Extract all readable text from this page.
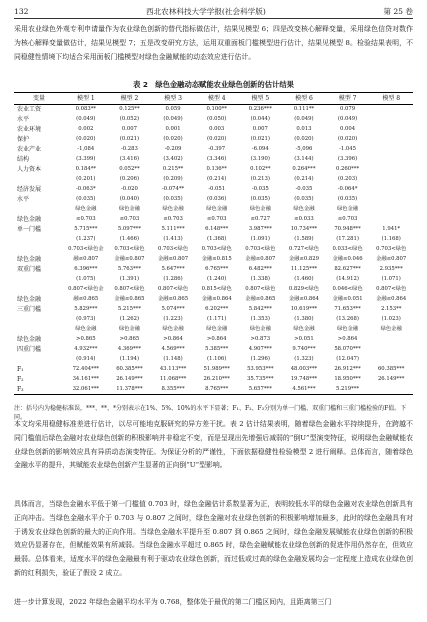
132	西北农林科技大学学报(社会科学版)	第 25 卷
采用农业绿色外观专利申请量作为农业绿色创新的替代指标做估计，结果见模型 6；四是改变核心解释变量，采用绿色信贷对数作为核心解释变量做估计，结果见模型 7；五是改变研究方法，运用双重面板门槛模型进行估计，结果见模型 8。检验结果表明，不同稳健性情境下均适合采用面板门槛模型对绿色金融赋能的动态效应进行估计。
表 2　绿色金融动态赋能农业绿色创新的估计结果
变量	模型 1	模型 2	模型 3	模型 4	模型 5	模型 6	模型 7	模型 8
农业工资	0.083**	0.125**	0.059	0.100**	0.236***	0.111**	0.079	
水平	(0.049)	(0.052)	(0.049)	(0.050)	(0.044)	(0.049)	(0.049)	
农业环境	0.002	0.007	0.001	0.003	0.007	0.013	0.004	
保护	(0.020)	(0.021)	(0.020)	(0.020)	(0.021)	(0.020)	(0.020)	
农业产业	-1,084	-0.283	-0.209	-0.397	-6.094	-5,096	-1.045	
结构	(3.399)	(3.416)	(3.402)	(3.346)	(3.190)	(3.144)	(3.396)	
人力资本	0.184**	0.052**	0.215**	0.136**	0.102**	0.264***	0.260***	
	(0.201)	(0.206)	(0.209)	(0.214)	(0.213)	(0.214)	(0.203)	
经济发展	-0.063*	-0.020	-0.074**	-0.051	-0.035	-0.035	-0.064*	
水平	(0.035)	(0.040)	(0.035)	(0.036)	(0.035)	(0.035)	(0.035)	
	绿色金融	绿色金融	绿色金融	绿色金融	绿色金融	绿色金融	绿色金融	
绿色金融	≤0.703	≤0.703	≤0.703	≤0.703	≤0.727	≤0.033	≤0.703	
单一门槛	5.715***	5.097***	5.111***	6.148***	3.987***	10.734***	70.948***	1.941*
	(1.237)	(1.466)	(1.413)	(1.368)	(1.091)	(1.589)	(17.281)	(1.168)
	0.703<绿色金	0.703<绿色	0.703<绿色	0.703<绿色	0.703<绿色	0.727<绿色	0.033<绿色	0.703<绿色
绿色金融	融≤0.807	金融≤0.807	金融≤0.807	金融≤0.815	金融≤0.807	金融≤0.829	金融≤0.046	金融≤0.807
双重门槛	6.396***	5.763***	5.647***	6.765***	6.482***	11.125***	82.627***	2.935***
	(1.075)	(1.391)	(1.286)	(1.240)	(1.338)	(1.460)	(14.912)	(1.071)
	0.807<绿色金	0.807<绿色	0.807<绿色	0.815<绿色	0.807<绿色	0.829<绿色	0.046<绿色	0.807<绿色
绿色金融	融≤0.865	金融≤0.865	金融≤0.865	金融≤0.864	金融≤0.865	金融≤0.864	金融≤0.051	金融≤0.864
三重门槛	5.829***	5.215***	5.074***	6.202***	5.842***	10.619***	71.653***	2.153**
	(0.973)	(1.262)	(1.223)	(1.171)	(1.353)	(1.380)	(13.268)	(1.023)
	绿色金融	绿色金融	绿色金融	绿色金融	绿色金融	绿色金融	绿色金融	绿色金融
绿色金融	>0.865	>0.865	>0.864	>0.864	>0.873	>0.051	>0.864	
四重门槛	4.932***	4.369***	4.569***	5.385***	4.907***	9.740***	58.070***	
	(0.914)	(1.194)	(1.148)	(1.106)	(1.296)	(1.323)	(12.047)	
F₁	72.404***	60.385***	43.113***	51.989***	53.953***	48.003***	26.912***	60.385***
F₂	34.161***	26.149***	11.068***	26.210***	35.735***	19.748***	18.950***	26.149***
F₃	32.061***	11.378***	8.355***	8.765***	5.657***	4.561***	5.219***	
注：括号内为稳健标准误，***、**、*分别表示在1%、5%、10%的水平下显著；F₁、F₂、F₃分别为单一门槛、双重门槛和三重门槛检验的F值。下同。
本文均采用稳健标准差进行估计，以尽可能地克服研究的异方差干扰。表 2 估计结果表明，随着绿色金融水平持续提升，在跨越不同门槛值后绿色金融对农业绿色创新的积极影响并非稳定不变，而是呈现出先增强后减弱的“倒U”型演变特征，说明绿色金融赋能农业绿色创新的影响效应具有异质动态演变特征。为保证分析的严谨性，下面依据稳健性检验模型 2 进行阐释。总体而言，随着绿色金融水平的提升，其赋能农业绿色创新产生显著的正向倒“U”型影响。
具体而言，当绿色金融水平低于第一门槛值 0.703 时，绿色金融估计系数显著为正，表明较低水平的绿色金融对农业绿色创新具有正向冲击。当绿色金融水平介于 0.703 与 0.807 之间时，绿色金融对农业绿色创新的积极影响增加最多，此时的绿色金融具有对于诱发农业绿色创新的最大的正向作用。当绿色金融水平提升至 0.807 到 0.865 之间时，绿色金融发展赋能农业绿色创新的积极效应仍显著存在，但赋能效果有所减弱。当绿色金融水平超过 0.865 时，绿色金融赋能农业绿色创新的促进作用仍然存在，但效应最弱。总体看来，适度水平的绿色金融最有利于驱动农业绿色创新，而过低或过高的绿色金融发展均会一定程度上造成农业绿色创新的红利损失，验证了假设 2 成立。
进一步计算发现，2022 年绿色金融平均水平为 0.768，整体处于最优的第二门槛区间内，且距离第三门
